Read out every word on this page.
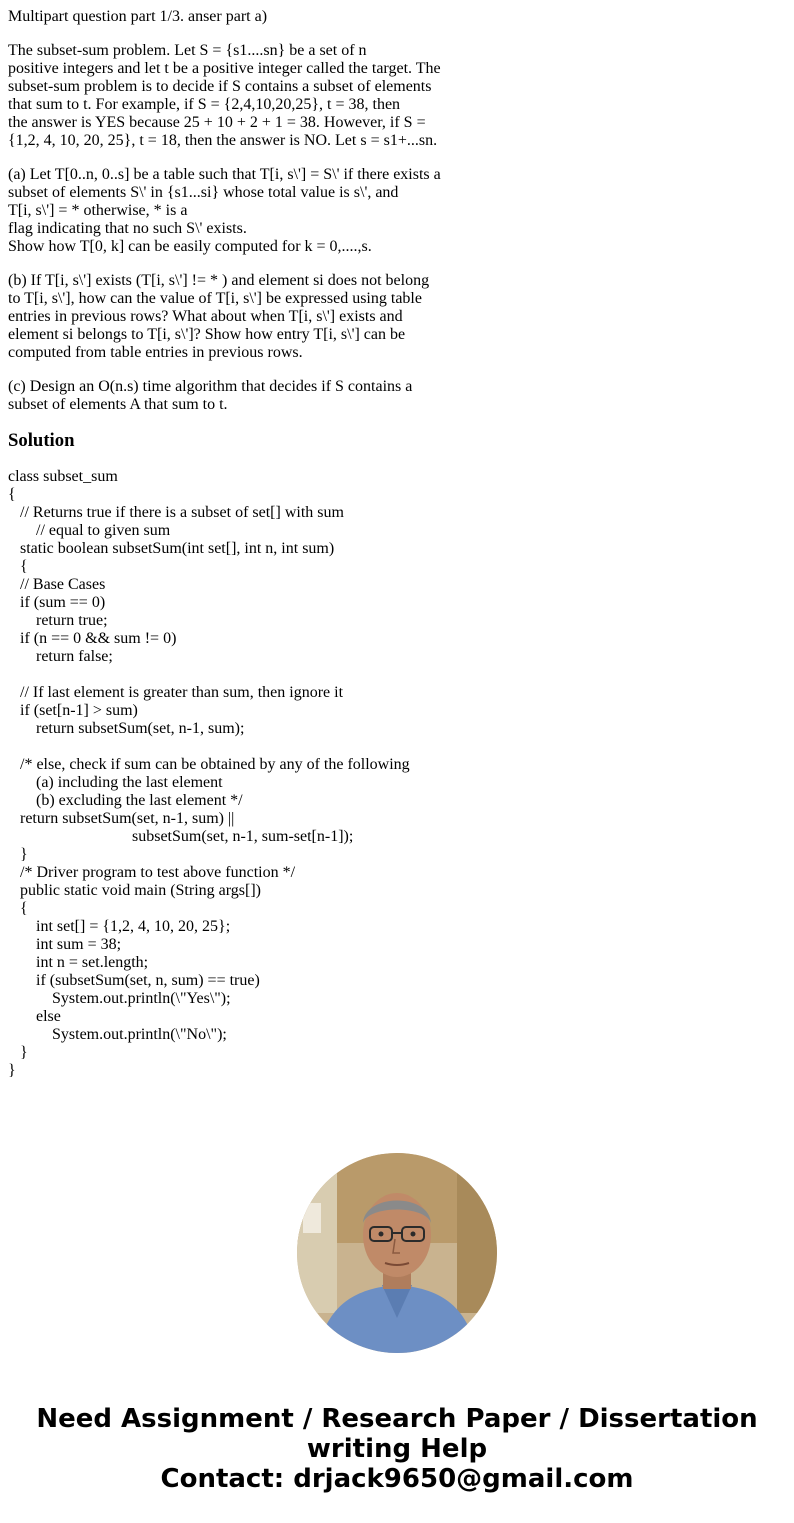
Multipart question part 1/3. anser part a)
The subset-sum problem. Let S = {s1....sn} be a set of n
positive integers and let t be a positive integer called the target. The
subset-sum problem is to decide if S contains a subset of elements
that sum to t. For example, if S = {2,4,10,20,25}, t = 38, then
the answer is YES because 25 + 10 + 2 + 1 = 38. However, if S =
{1,2, 4, 10, 20, 25}, t = 18, then the answer is NO. Let s = s1+...sn.
(a) Let T[0..n, 0..s] be a table such that T[i, s\'] = S\' if there exists a
subset of elements S\' in {s1...si} whose total value is s\', and
T[i, s\'] = * otherwise, * is a
flag indicating that no such S\' exists.
Show how T[0, k] can be easily computed for k = 0,....,s.
(b) If T[i, s\'] exists (T[i, s\'] != * ) and element si does not belong
to T[i, s\'], how can the value of T[i, s\'] be expressed using table
entries in previous rows? What about when T[i, s\'] exists and
element si belongs to T[i, s\']? Show how entry T[i, s\'] can be
computed from table entries in previous rows.
(c) Design an O(n.s) time algorithm that decides if S contains a
subset of elements A that sum to t.
Solution
class subset_sum
{
// Returns true if there is a subset of set[] with sum
// equal to given sum
static boolean subsetSum(int set[], int n, int sum)
{
// Base Cases
if (sum == 0)
return true;
if (n == 0 && sum != 0)
return false;

// If last element is greater than sum, then ignore it
if (set[n-1] > sum)
return subsetSum(set, n-1, sum);

/* else, check if sum can be obtained by any of the following
(a) including the last element
(b) excluding the last element */
return subsetSum(set, n-1, sum) ||
subsetSum(set, n-1, sum-set[n-1]);
}
/* Driver program to test above function */
public static void main (String args[])
{
int set[] = {1,2, 4, 10, 20, 25};
int sum = 38;
int n = set.length;
if (subsetSum(set, n, sum) == true)
System.out.println(\"Yes\");
else
System.out.println(\"No\");
}
}
Need Assignment / Research Paper / Dissertation
writing Help
Contact: drjack9650@gmail.com
